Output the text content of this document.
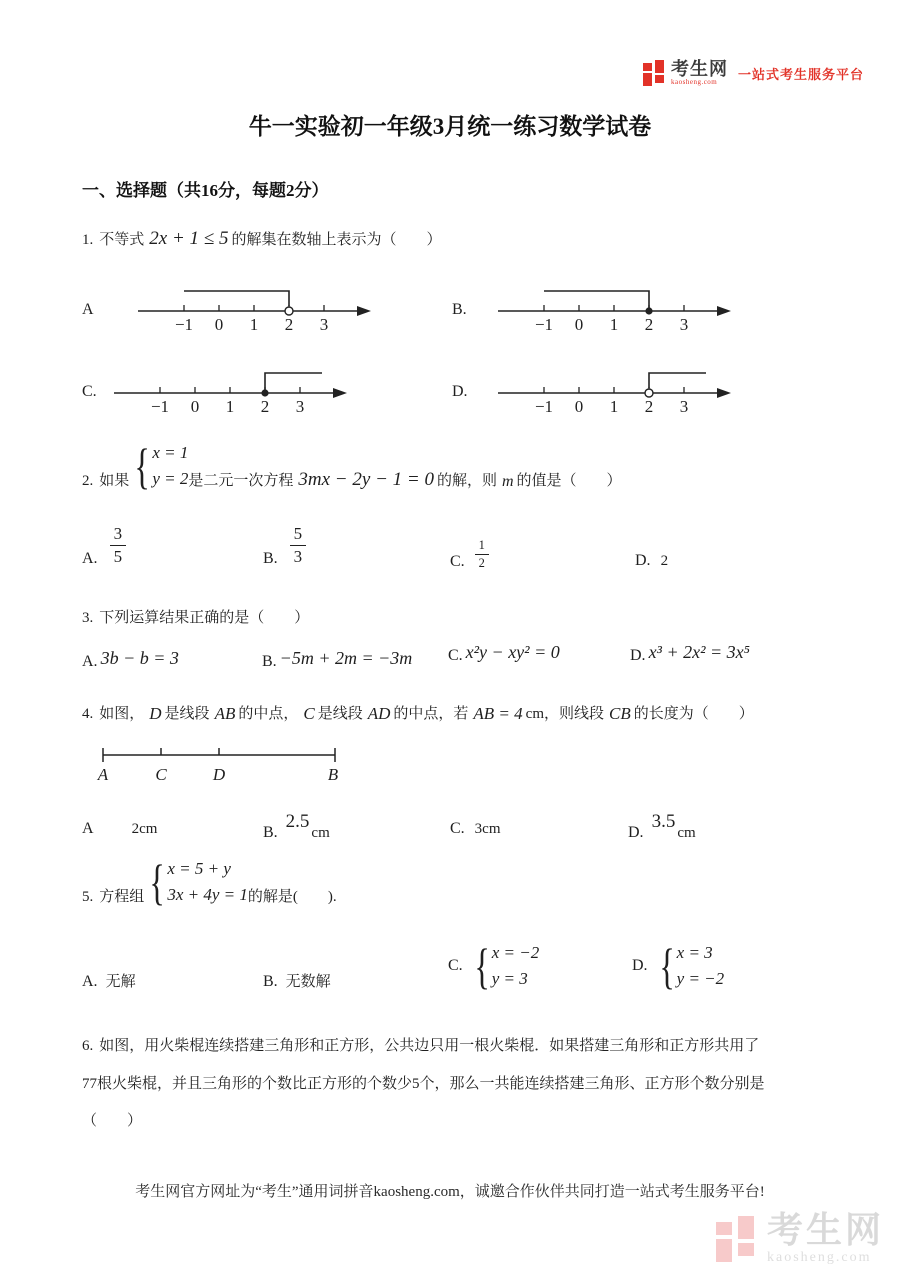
考生网
kaosheng.com
一站式考生服务平台
牛一实验初一年级3月统一练习数学试卷
一、选择题（共16分，每题2分）
1. 不等式 2x + 1 ≤ 5 的解集在数轴上表示为（　　）
A
−1 0 1 2 3
B.
−1 0 1 2 3
C.
−1 0 1 2 3
D.
−1 0 1 2 3
2. 如果 { x = 1
y = 2 是二元一次方程 3mx − 2y − 1 = 0 的解，则 m 的值是（　　）
A. $\frac{3}{5}$	B. $\frac{5}{3}$	C. $\frac{1}{2}$	D. 2
3. 下列运算结果正确的是（　　）
A. 3b − b = 3	B. −5m + 2m = −3m C. x²y − xy² = 0	D. x³ + 2x² = 3x⁵
4. 如图， D 是线段 AB 的中点， C 是线段 AD 的中点，若 AB = 4 cm，则线段 CB 的长度为（　　）
A	C	D	B
A	2cm	B.
2.5
cm	C. 3cm	D.
3.5
cm
5. 方程组 { x = 5 + y
3x + 4y = 1 的解是(　　).
A. 无解	B. 无数解
C. { x = −2
y = 3
D. { x = 3
y = −2
6. 如图，用火柴棍连续搭建三角形和正方形，公共边只用一根火柴棍．如果搭建三角形和正方形共用了
77根火柴棍，并且三角形的个数比正方形的个数少5个，那么一共能连续搭建三角形、正方形个数分别是
（　　）
考生网官方网址为“考生”通用词拼音kaosheng.com，诚邀合作伙伴共同打造一站式考生服务平台!
考生网
kaosheng.com
